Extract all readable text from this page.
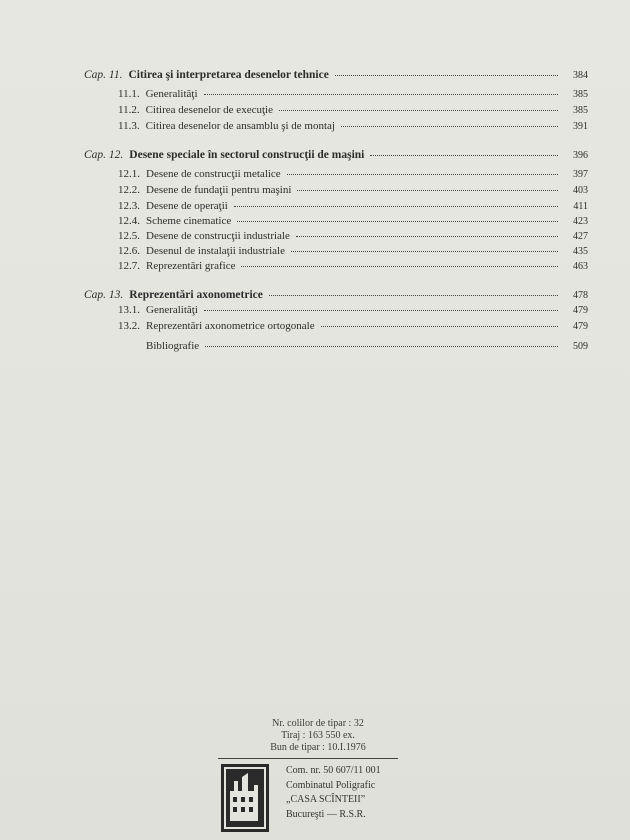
Cap. 11. Citirea şi interpretarea desenelor tehnice	384
11.1. Generalităţi	385
11.2. Citirea desenelor de execuţie	385
11.3. Citirea desenelor de ansamblu şi de montaj	391
Cap. 12. Desene speciale în sectorul construcţii de maşini	396
12.1. Desene de construcţii metalice	397
12.2. Desene de fundaţii pentru maşini	403
12.3. Desene de operaţii	411
12.4. Scheme cinematice	423
12.5. Desene de construcţii industriale	427
12.6. Desenul de instalaţii industriale	435
12.7. Reprezentări grafice	463
Cap. 13. Reprezentări axonometrice	478
13.1. Generalităţi	479
13.2. Reprezentări axonometrice ortogonale	479
Bibliografie	509
Nr. colilor de tipar : 32
Tiraj : 163 550 ex.
Bun de tipar : 10.I.1976
Com. nr. 50 607/11 001
Combinatul Poligrafic
„CASA SCÎNTEII”
Bucureşti — R.S.R.
